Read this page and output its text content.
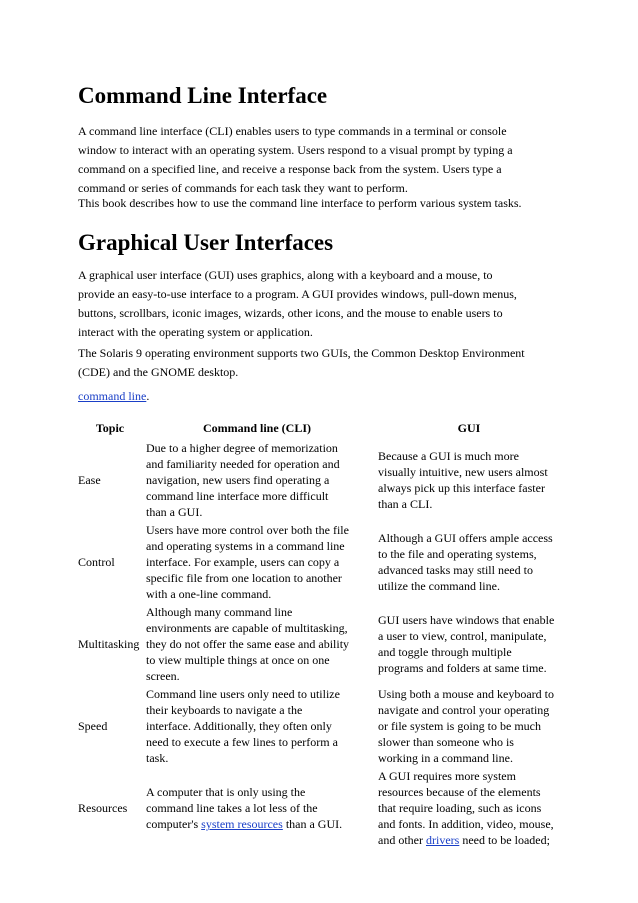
Command Line Interface

A command line interface (CLI) enables users to type commands in a terminal or console
window to interact with an operating system. Users respond to a visual prompt by typing a
command on a specified line, and receive a response back from the system. Users type a
command or series of commands for each task they want to perform.

This book describes how to use the command line interface to perform various system tasks.

Graphical User Interfaces

A graphical user interface (GUI) uses graphics, along with a keyboard and a mouse, to
provide an easy-to-use interface to a program. A GUI provides windows, pull-down menus,
buttons, scrollbars, iconic images, wizards, other icons, and the mouse to enable users to
interact with the operating system or application.

The Solaris 9 operating environment supports two GUIs, the Common Desktop Environment
(CDE) and the GNOME desktop.

command line.

Topic	Command line (CLI)	GUI
Ease	Due to a higher degree of memorization
and familiarity needed for operation and
navigation, new users find operating a
command line interface more difficult
than a GUI.	Because a GUI is much more
visually intuitive, new users almost
always pick up this interface faster
than a CLI.

Control	Users have more control over both the file
and operating systems in a command line
interface. For example, users can copy a
specific file from one location to another
with a one-line command.	Although a GUI offers ample access
to the file and operating systems,
advanced tasks may still need to
utilize the command line.

Multitasking	Although many command line
environments are capable of multitasking,
they do not offer the same ease and ability
to view multiple things at once on one
screen.	GUI users have windows that enable
a user to view, control, manipulate,
and toggle through multiple
programs and folders at same time.

Speed	Command line users only need to utilize
their keyboards to navigate a the
interface. Additionally, they often only
need to execute a few lines to perform a
task.	Using both a mouse and keyboard to
navigate and control your operating
or file system is going to be much
slower than someone who is
working in a command line.

Resources	A computer that is only using the
command line takes a lot less of the
computer's system resources than a GUI.	A GUI requires more system
resources because of the elements
that require loading, such as icons
and fonts. In addition, video, mouse,
and other drivers need to be loaded;
